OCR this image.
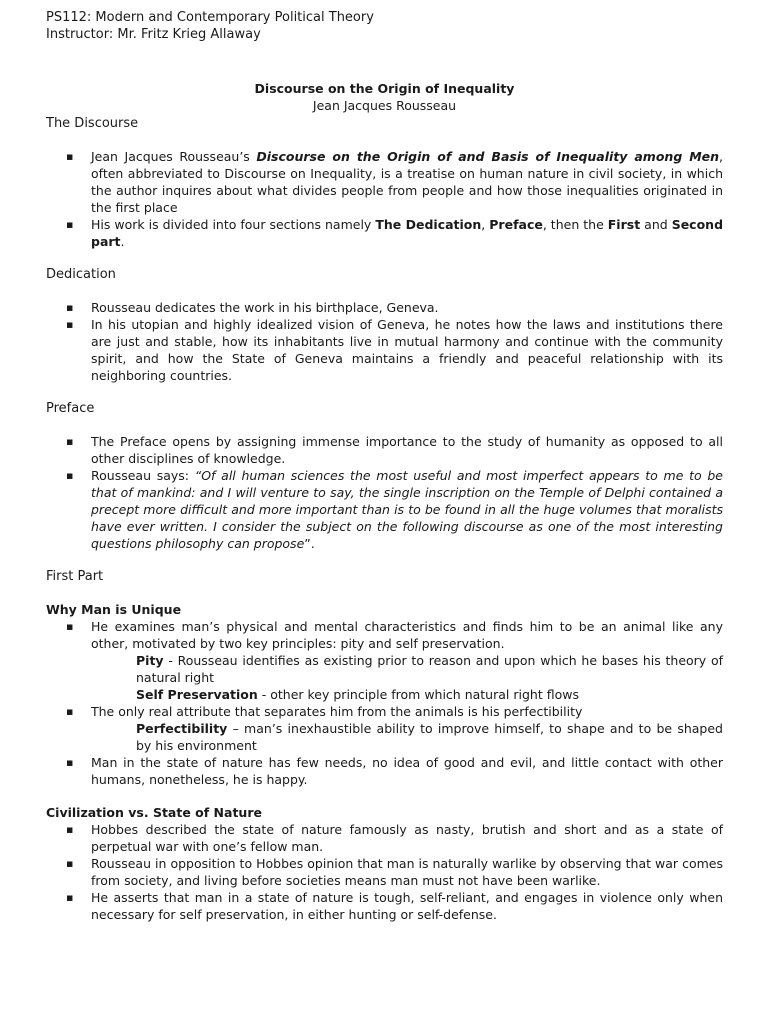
PS112: Modern and Contemporary Political Theory
Instructor: Mr. Fritz Krieg Allaway
Discourse on the Origin of Inequality
Jean Jacques Rousseau
The Discourse
▪ Jean Jacques Rousseau’s Discourse on the Origin of and Basis of Inequality among Men, often abbreviated to Discourse on Inequality, is a treatise on human nature in civil society, in which the author inquires about what divides people from people and how those inequalities originated in the first place
▪ His work is divided into four sections namely The Dedication, Preface, then the First and Second part.
Dedication
▪ Rousseau dedicates the work in his birthplace, Geneva.
▪ In his utopian and highly idealized vision of Geneva, he notes how the laws and institutions there are just and stable, how its inhabitants live in mutual harmony and continue with the community spirit, and how the State of Geneva maintains a friendly and peaceful relationship with its neighboring countries.
Preface
▪ The Preface opens by assigning immense importance to the study of humanity as opposed to all other disciplines of knowledge.
▪ Rousseau says: “Of all human sciences the most useful and most imperfect appears to me to be that of mankind: and I will venture to say, the single inscription on the Temple of Delphi contained a precept more difficult and more important than is to be found in all the huge volumes that moralists have ever written. I consider the subject on the following discourse as one of the most interesting questions philosophy can propose”.
First Part
Why Man is Unique
▪ He examines man’s physical and mental characteristics and finds him to be an animal like any other, motivated by two key principles: pity and self preservation.
Pity - Rousseau identifies as existing prior to reason and upon which he bases his theory of natural right
Self Preservation - other key principle from which natural right flows
▪ The only real attribute that separates him from the animals is his perfectibility
Perfectibility – man’s inexhaustible ability to improve himself, to shape and to be shaped by his environment
▪ Man in the state of nature has few needs, no idea of good and evil, and little contact with other humans, nonetheless, he is happy.
Civilization vs. State of Nature
▪ Hobbes described the state of nature famously as nasty, brutish and short and as a state of perpetual war with one’s fellow man.
▪ Rousseau in opposition to Hobbes opinion that man is naturally warlike by observing that war comes from society, and living before societies means man must not have been warlike.
▪ He asserts that man in a state of nature is tough, self-reliant, and engages in violence only when necessary for self preservation, in either hunting or self-defense.
